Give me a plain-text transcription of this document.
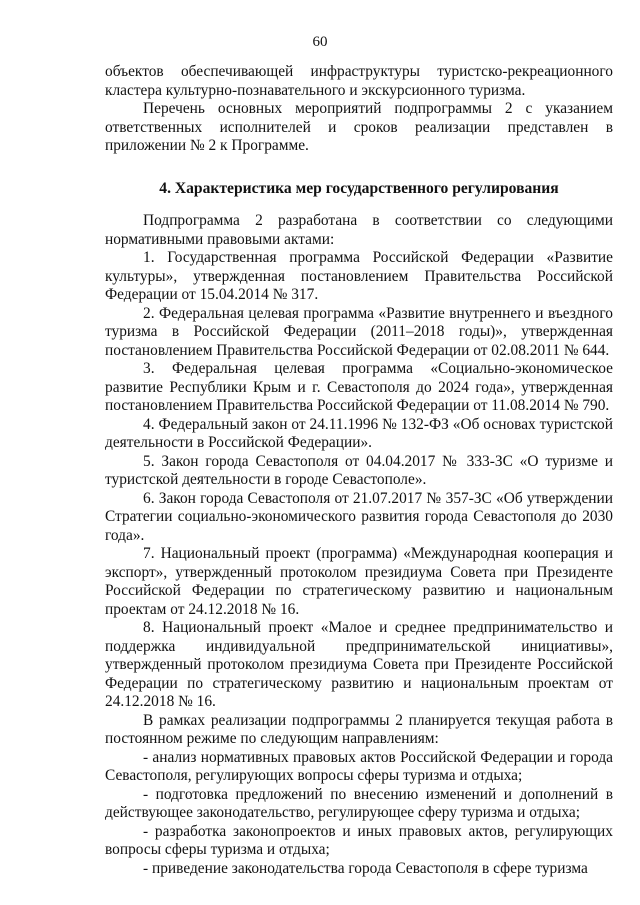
60

объектов обеспечивающей инфраструктуры туристско-рекреационного кластера культурно-познавательного и экскурсионного туризма.

Перечень основных мероприятий подпрограммы 2 с указанием ответственных исполнителей и сроков реализации представлен в приложении № 2 к Программе.

4. Характеристика мер государственного регулирования

Подпрограмма 2 разработана в соответствии со следующими нормативными правовыми актами:

1. Государственная программа Российской Федерации «Развитие культуры», утвержденная постановлением Правительства Российской Федерации от 15.04.2014 № 317.

2. Федеральная целевая программа «Развитие внутреннего и въездного туризма в Российской Федерации (2011–2018 годы)», утвержденная постановлением Правительства Российской Федерации от 02.08.2011 № 644.

3. Федеральная целевая программа «Социально-экономическое развитие Республики Крым и г. Севастополя до 2024 года», утвержденная постановлением Правительства Российской Федерации от 11.08.2014 № 790.

4. Федеральный закон от 24.11.1996 № 132-ФЗ «Об основах туристской деятельности в Российской Федерации».

5. Закон города Севастополя от 04.04.2017 № 333-ЗС «О туризме и туристской деятельности в городе Севастополе».

6. Закон города Севастополя от 21.07.2017 № 357-ЗС «Об утверждении Стратегии социально-экономического развития города Севастополя до 2030 года».

7. Национальный проект (программа) «Международная кооперация и экспорт», утвержденный протоколом президиума Совета при Президенте Российской Федерации по стратегическому развитию и национальным проектам от 24.12.2018 № 16.

8. Национальный проект «Малое и среднее предпринимательство и поддержка индивидуальной предпринимательской инициативы», утвержденный протоколом президиума Совета при Президенте Российской Федерации по стратегическому развитию и национальным проектам от 24.12.2018 № 16.

В рамках реализации подпрограммы 2 планируется текущая работа в постоянном режиме по следующим направлениям:

- анализ нормативных правовых актов Российской Федерации и города Севастополя, регулирующих вопросы сферы туризма и отдыха;

- подготовка предложений по внесению изменений и дополнений в действующее законодательство, регулирующее сферу туризма и отдыха;

- разработка законопроектов и иных правовых актов, регулирующих вопросы сферы туризма и отдыха;

- приведение законодательства города Севастополя в сфере туризма
